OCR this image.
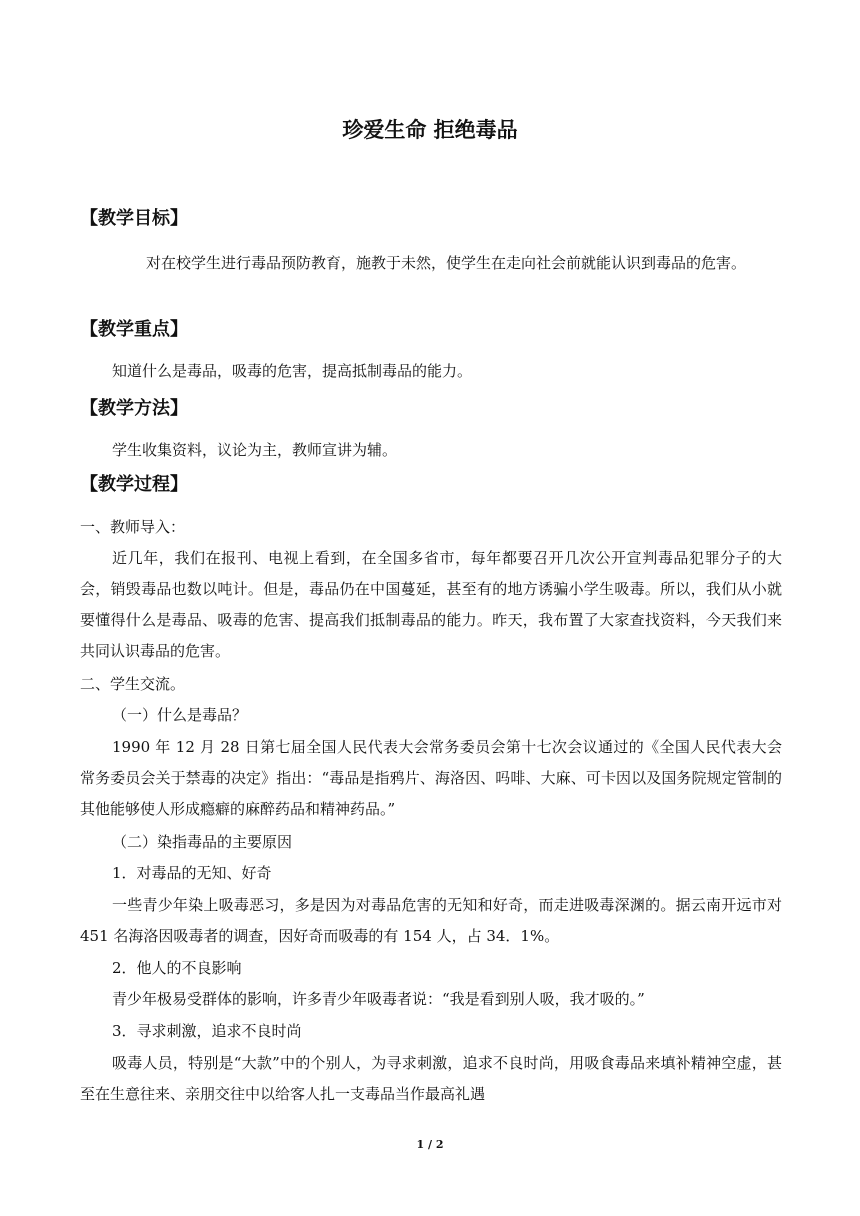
珍爱生命 拒绝毒品
【教学目标】
对在校学生进行毒品预防教育，施教于未然，使学生在走向社会前就能认识到毒品的危害。
【教学重点】
知道什么是毒品，吸毒的危害，提高抵制毒品的能力。
【教学方法】
学生收集资料，议论为主，教师宣讲为辅。
【教学过程】
一、教师导入：
近几年，我们在报刊、电视上看到，在全国多省市，每年都要召开几次公开宣判毒品犯罪分子的大会，销毁毒品也数以吨计。但是，毒品仍在中国蔓延，甚至有的地方诱骗小学生吸毒。所以，我们从小就要懂得什么是毒品、吸毒的危害、提高我们抵制毒品的能力。昨天，我布置了大家查找资料，今天我们来共同认识毒品的危害。
二、学生交流。
（一）什么是毒品？
1990 年 12 月 28 日第七届全国人民代表大会常务委员会第十七次会议通过的《全国人民代表大会常务委员会关于禁毒的决定》指出：“毒品是指鸦片、海洛因、吗啡、大麻、可卡因以及国务院规定管制的其他能够使人形成瘾癖的麻醉药品和精神药品。”
（二）染指毒品的主要原因
1．对毒品的无知、好奇
一些青少年染上吸毒恶习，多是因为对毒品危害的无知和好奇，而走进吸毒深渊的。据云南开远市对 451 名海洛因吸毒者的调查，因好奇而吸毒的有 154 人，占 34．1%。
2．他人的不良影响
青少年极易受群体的影响，许多青少年吸毒者说：“我是看到别人吸，我才吸的。”
3．寻求刺激，追求不良时尚
吸毒人员，特别是“大款”中的个别人，为寻求刺激，追求不良时尚，用吸食毒品来填补精神空虚，甚至在生意往来、亲朋交往中以给客人扎一支毒品当作最高礼遇
1 / 2
